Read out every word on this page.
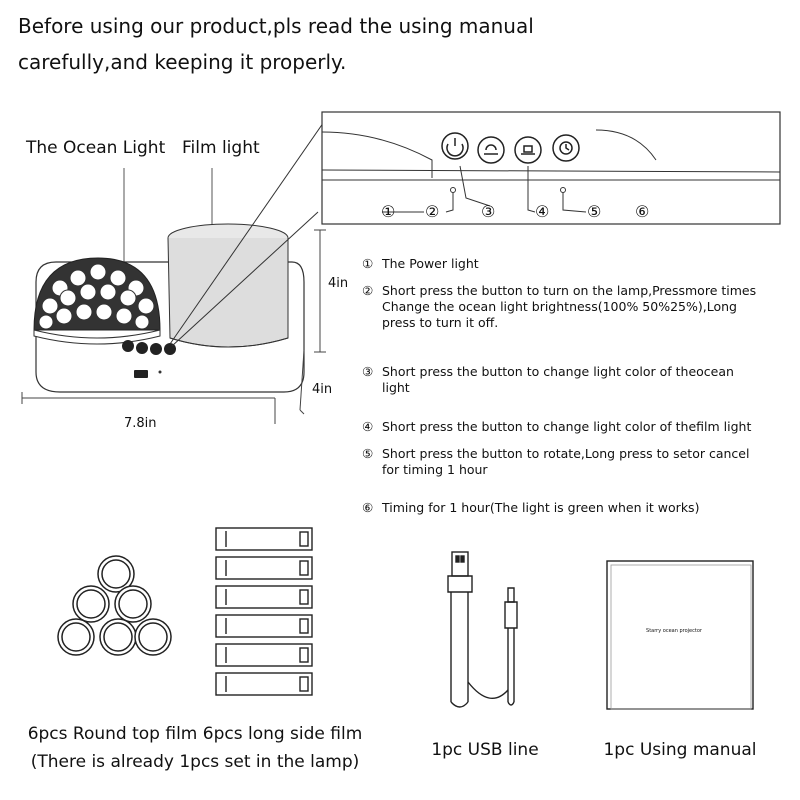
Before using our product,pls read the using manual
carefully,and keeping it properly.
The Ocean Light Film light
① ②	③ ④ ⑤ ⑥
4in
4in
7.8in
① The Power light
② Short press the button to turn on the lamp,Pressmore times
Change the ocean light brightness(100% 50%25%),Long
press to turn it off.
③ Short press the button to change light color of theocean
light
④ Short press the button to change light color of thefilm light
⑤ Short press the button to rotate,Long press to setor cancel
for timing 1 hour
⑥ Timing for 1 hour(The light is green when it works)
Starry ocean projector
6pcs Round top film 6pcs long side film
(There is already 1pcs set in the lamp)
1pc USB line	1pc Using manual
